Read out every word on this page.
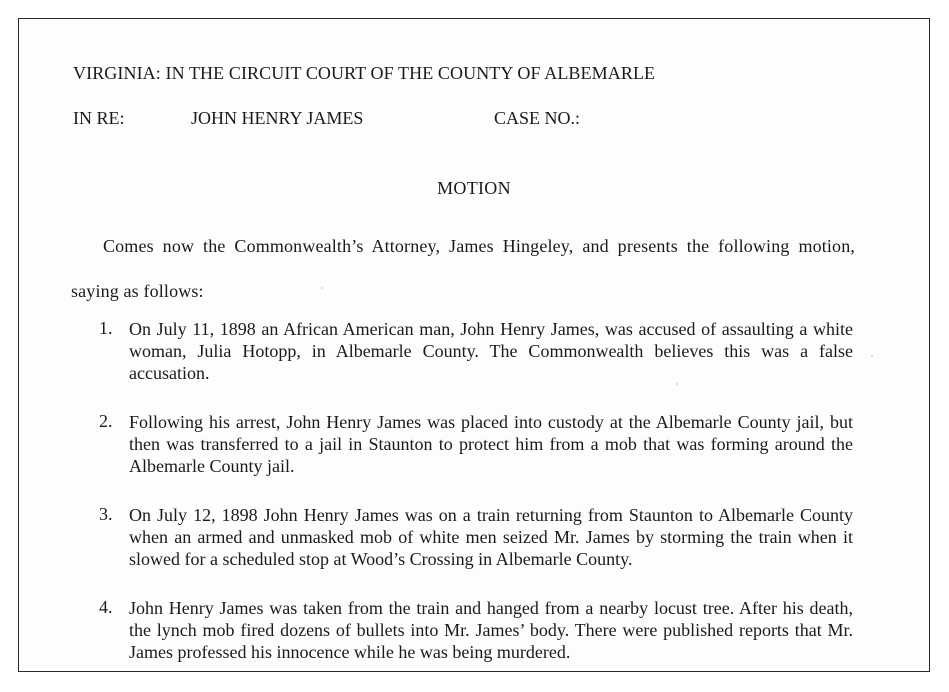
VIRGINIA: IN THE CIRCUIT COURT OF THE COUNTY OF ALBEMARLE
IN RE:	JOHN HENRY JAMES	CASE NO.:
MOTION
Comes now the Commonwealth’s Attorney, James Hingeley, and presents the following motion, saying as follows:
1. On July 11, 1898 an African American man, John Henry James, was accused of assaulting a white woman, Julia Hotopp, in Albemarle County. The Commonwealth believes this was a false accusation.
2. Following his arrest, John Henry James was placed into custody at the Albemarle County jail, but then was transferred to a jail in Staunton to protect him from a mob that was forming around the Albemarle County jail.
3. On July 12, 1898 John Henry James was on a train returning from Staunton to Albemarle County when an armed and unmasked mob of white men seized Mr. James by storming the train when it slowed for a scheduled stop at Wood’s Crossing in Albemarle County.
4. John Henry James was taken from the train and hanged from a nearby locust tree. After his death, the lynch mob fired dozens of bullets into Mr. James’ body. There were published reports that Mr. James professed his innocence while he was being murdered.
